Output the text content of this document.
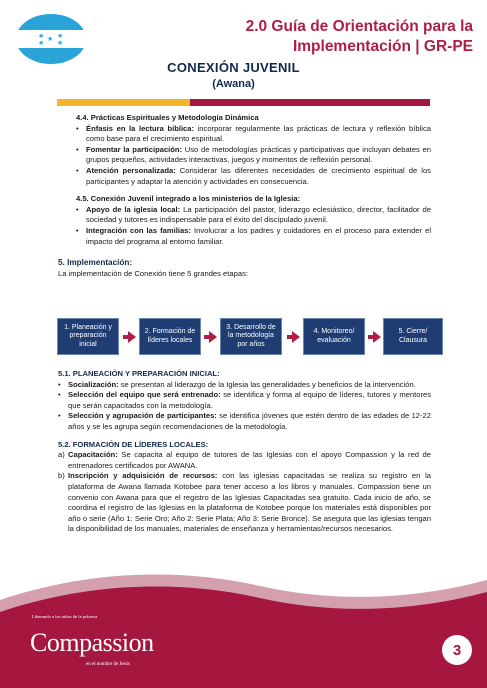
★ ★
★
★ ★
2.0 Guía de Orientación para la
Implementación | GR-PE
CONEXIÓN JUVENIL
(Awana)
4.4. Prácticas Espirituales y Metodología Dinámica
• Énfasis en la lectura bíblica: incorporar regularmente las prácticas de lectura y reflexión bíblica como base para el crecimiento espiritual.
• Fomentar la participación: Uso de metodologías prácticas y participativas que incluyan debates en grupos pequeños, actividades interactivas, juegos y momentos de reflexión personal.
• Atención personalizada: Considerar las diferentes necesidades de crecimiento espiritual de los participantes y adaptar la atención y actividades en consecuencia.
4.5. Conexión Juvenil integrado a los ministerios de la Iglesia:
• Apoyo de la iglesia local: La participación del pastor, liderazgo eclesiástico, director, facilitador de sociedad y tutores es indispensable para el éxito del discipulado juvenil.
• Integración con las familias: Involucrar a los padres y cuidadores en el proceso para extender el impacto del programa al entorno familiar.
5. Implementación:
La implementación de Conexión tiene 5 grandes etapas:
1. Planeación y preparación inicial
2. Formación de líderes locales
3. Desarrollo de la metodología por años
4. Monitoreo/ evaluación
5. Cierre/ Clausura
5.1. PLANEACIÓN Y PREPARACIÓN INICIAL:
• Socialización: se presentan al liderazgo de la Iglesia las generalidades y beneficios de la intervención.
• Selección del equipo que será entrenado: se identifica y forma al equipo de líderes, tutores y mentores que serán capacitados con la metodología.
• Selección y agrupación de participantes: se identifica jóvenes que estén dentro de las edades de 12-22 años y se les agrupa según recomendaciones de la metodología.
5.2. FORMACIÓN DE LÍDERES LOCALES:
a) Capacitación: Se capacita al equipo de tutores de las Iglesias con el apoyo Compassion y la red de entrenadores certificados por AWANA.
b) Inscripción y adquisición de recursos: con las iglesias capacitadas se realiza su registro en la plataforma de Awana llamada Kotobee para tener acceso a los libros y manuales. Compassion tiene un convenio con Awana para que el registro de las Iglesias Capacitadas sea gratuito. Cada inicio de año, se coordina el registro de las Iglesias en la plataforma de Kotobee porque los materiales está disponibles por año o serie (Año 1: Serie Oro; Año 2: Serie Plata; Año 3: Serie Bronce). Se asegura que las iglesias tengan la disponibilidad de los manuales, materiales de enseñanza y herramientas/recursos necesarios.
Liberando a los niños de la pobreza
Compassion
en el nombre de Jesús
JUVENTUD	3
